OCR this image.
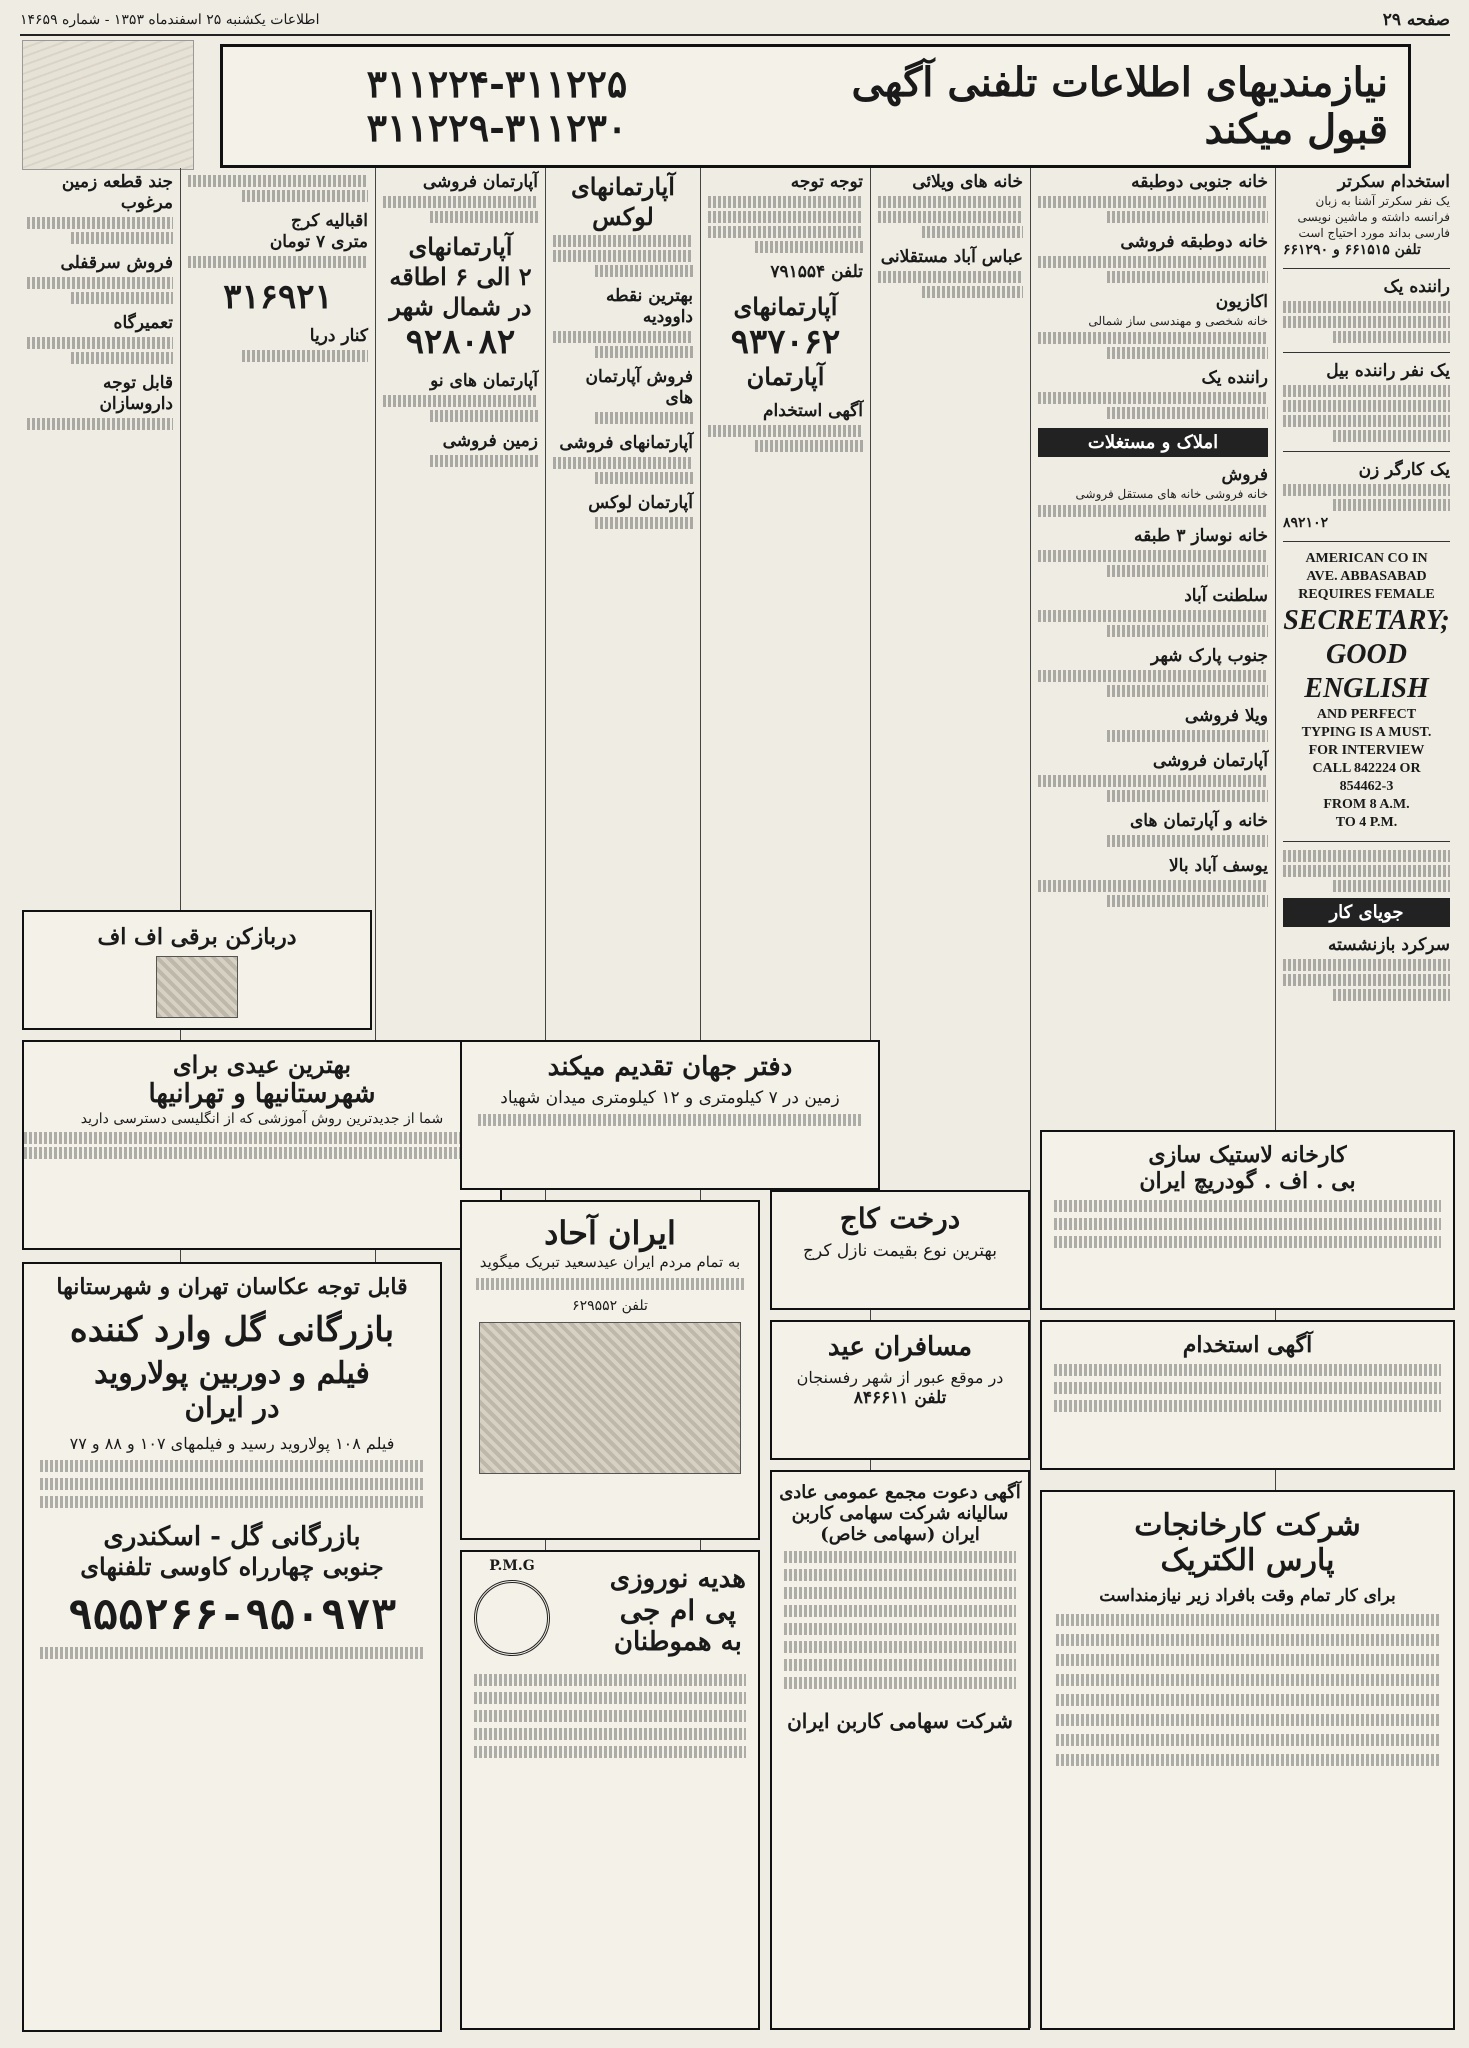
اطلاعات یکشنبه ۲۵ اسفندماه ۱۳۵۳ - شماره ۱۴۶۵۹	صفحه ۲۹
۳۱۱۲۲۴-۳۱۱۲۲۵
۳۱۱۲۲۹-۳۱۱۲۳۰
نیازمندیهای اطلاعات تلفنی آگهی قبول میکند
استخدام سکرتر
یک نفر سکرتر آشنا به زبان فرانسه داشته و ماشین نویسی فارسی بداند مورد احتیاج است
تلفن ۶۶۱۵۱۵ و ۶۶۱۲۹۰
راننده یک
یک نفر راننده بیل
یک کارگر زن
۸۹۲۱۰۲
AMERICAN CO IN
AVE. ABBASABAD
REQUIRES FEMALE
SECRETARY;
GOOD
ENGLISH
AND PERFECT
TYPING IS A MUST.
FOR INTERVIEW
CALL 842224 OR
854462-3
FROM 8 A.M.
TO 4 P.M.
جویای کار
سرکرد بازنشسته
خانه جنوبی دوطبقه
خانه دوطبقه فروشی
اکازیون
خانه شخصی و مهندسی ساز شمالی
راننده یک
املاک و مستغلات
فروش
خانه فروشی خانه های مستقل فروشی
خانه نوساز ۳ طبقه
سلطنت آباد
جنوب پارک شهر
ویلا فروشی
آپارتمان فروشی
خانه و آپارتمان های
یوسف آباد بالا
خانه های ویلائی
عباس آباد مستقلانی
توجه توجه
تلفن ۷۹۱۵۵۴
آپارتمانهای
۹۳۷۰۶۲
آپارتمان
آگهی استخدام
آپارتمانهای لوکس
بهترین نقطه داوودیه
فروش آپارتمان های
آپارتمانهای فروشی
آپارتمان لوکس
آپارتمان فروشی
آپارتمانهای
۲ الی ۶ اطاقه
در شمال شهر
۹۲۸۰۸۲
آپارتمان های نو
زمین فروشی
جند قطعه زمین مرغوب
فروش سرقفلی
تعمیرگاه
قابل توجه
داروسازان
اقبالیه کرج
متری ۷ تومان
۳۱۶۹۲۱
کنار دریا
دربازکن برقی اف اف
بهترین عیدی برای
شهرستانیها و تهرانیها
شما از جدیدترین روش آموزشی که از انگلیسی دسترسی دارید
قابل توجه عکاسان تهران و شهرستانها
بازرگانی گل وارد کننده
فیلم و دوربین پولاروید
در ایران
فیلم ۱۰۸ پولاروید رسید و فیلمهای ۱۰۷ و ۸۸ و ۷۷
بازرگانی گل - اسکندری
جنوبی چهارراه کاوسی تلفنهای
۹۵۵۲۶۶-۹۵۰۹۷۳
دفتر جهان تقدیم میکند
زمین در ۷ کیلومتری و ۱۲ کیلومتری میدان شهیاد
ایران آحاد
به تمام مردم ایران عیدسعید تبریک میگوید
تلفن ۶۲۹۵۵۲
هدیه نوروزی
پی ام جی
به هموطنان
P.M.G
درخت کاج
بهترین نوع بقیمت نازل کرج
مسافران عید
در موقع عبور از شهر رفسنجان
تلفن ۸۴۶۶۱۱
آگهی دعوت مجمع عمومی عادی
سالیانه شرکت سهامی کاربن
ایران (سهامی خاص)
شرکت سهامی کاربن ایران
کارخانه لاستیک سازی
بی . اف . گودریچ ایران
آگهی استخدام
شرکت کارخانجات
پارس الکتریک
برای کار تمام وقت بافراد زیر نیازمنداست
